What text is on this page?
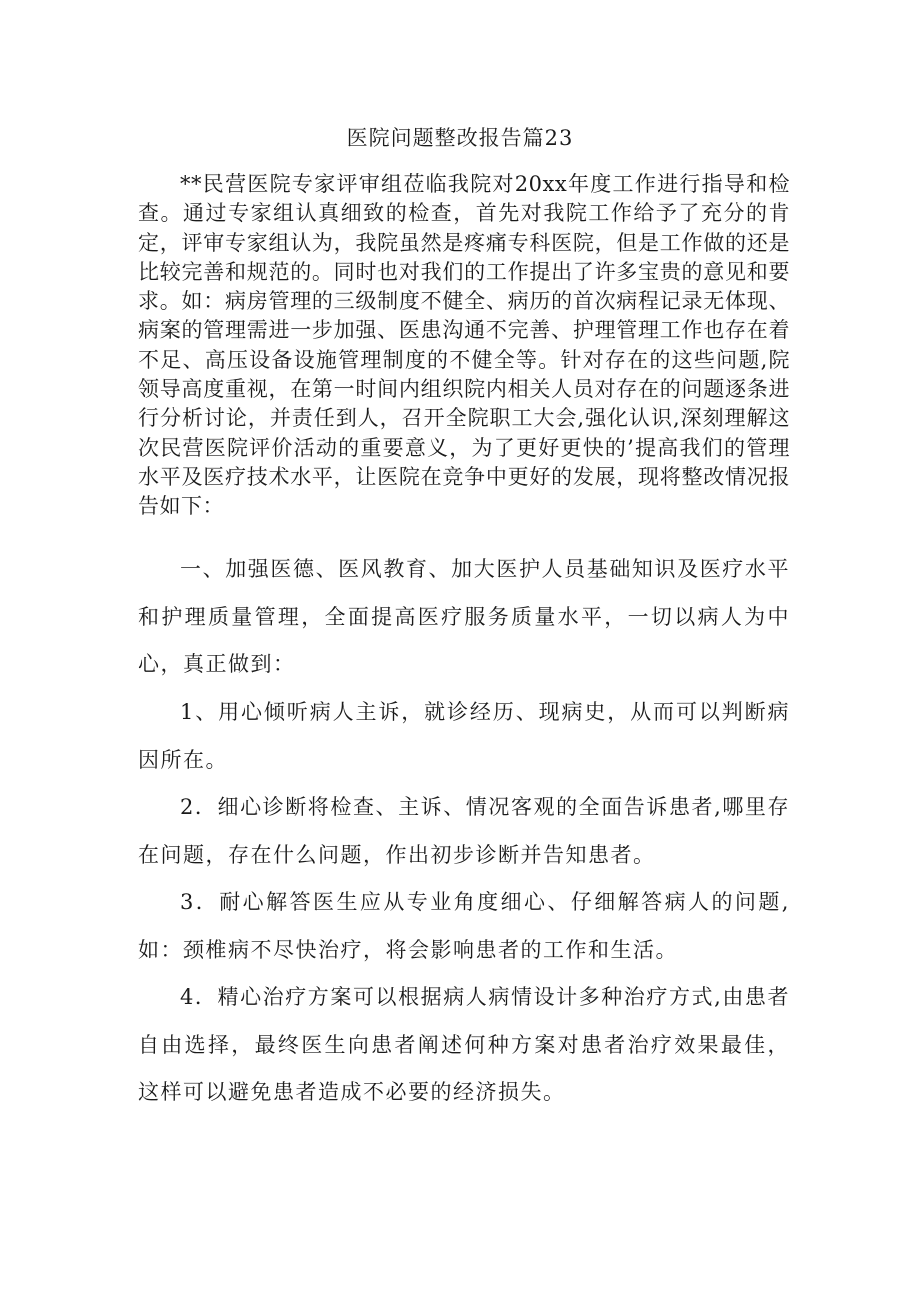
医院问题整改报告篇23

**民营医院专家评审组莅临我院对20xx年度工作进行指导和检查。通过专家组认真细致的检查，首先对我院工作给予了充分的肯定，评审专家组认为，我院虽然是疼痛专科医院，但是工作做的还是比较完善和规范的。同时也对我们的工作提出了许多宝贵的意见和要求。如：病房管理的三级制度不健全、病历的首次病程记录无体现、病案的管理需进一步加强、医患沟通不完善、护理管理工作也存在着不足、高压设备设施管理制度的不健全等。针对存在的这些问题,院领导高度重视，在第一时间内组织院内相关人员对存在的问题逐条进行分析讨论，并责任到人，召开全院职工大会,强化认识,深刻理解这次民营医院评价活动的重要意义，为了更好更快的’提高我们的管理水平及医疗技术水平，让医院在竞争中更好的发展，现将整改情况报告如下：

一、加强医德、医风教育、加大医护人员基础知识及医疗水平和护理质量管理，全面提高医疗服务质量水平，一切以病人为中心，真正做到：

1、用心倾听病人主诉，就诊经历、现病史，从而可以判断病因所在。

2．细心诊断将检查、主诉、情况客观的全面告诉患者,哪里存在问题，存在什么问题，作出初步诊断并告知患者。

3．耐心解答医生应从专业角度细心、仔细解答病人的问题,如：颈椎病不尽快治疗，将会影响患者的工作和生活。

4．精心治疗方案可以根据病人病情设计多种治疗方式,由患者自由选择，最终医生向患者阐述何种方案对患者治疗效果最佳，这样可以避免患者造成不必要的经济损失。
